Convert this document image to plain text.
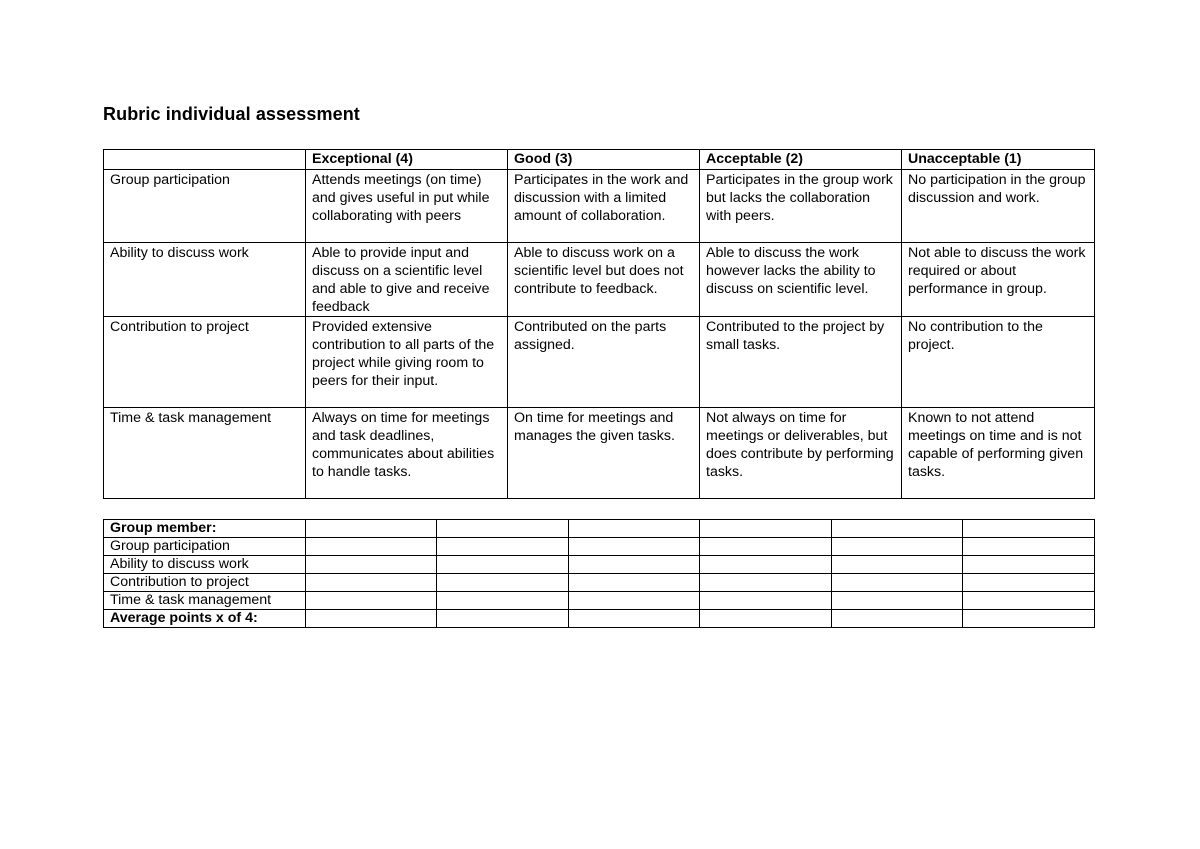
Rubric individual assessment
	Exceptional (4)	Good (3)	Acceptable (2)	Unacceptable (1)
Group participation	Attends meetings (on time) and gives useful in put while collaborating with peers	Participates in the work and discussion with a limited amount of collaboration.	Participates in the group work but lacks the collaboration with peers.	No participation in the group discussion and work.
Ability to discuss work	Able to provide input and discuss on a scientific level and able to give and receive feedback	Able to discuss work on a scientific level but does not contribute to feedback.	Able to discuss the work however lacks the ability to discuss on scientific level.	Not able to discuss the work required or about performance in group.
Contribution to project	Provided extensive contribution to all parts of the project while giving room to peers for their input.	Contributed on the parts assigned.	Contributed to the project by small tasks.	No contribution to the project.
Time & task management	Always on time for meetings and task deadlines, communicates about abilities to handle tasks.	On time for meetings and manages the given tasks.	Not always on time for meetings or deliverables, but does contribute by performing tasks.	Known to not attend meetings on time and is not capable of performing given tasks.
Group member:						
Group participation						
Ability to discuss work						
Contribution to project						
Time & task management						
Average points x of 4:						
